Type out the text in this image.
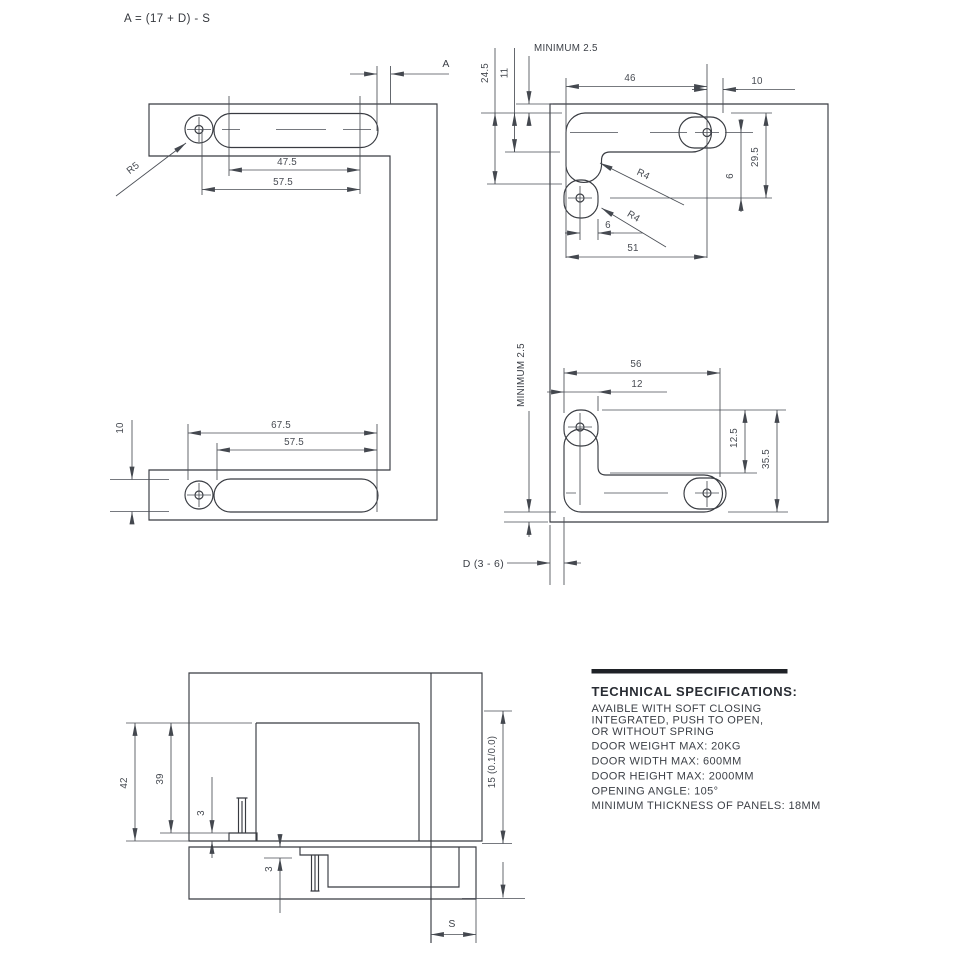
A = (17 + D) - S
47.5
57.5
A
R5
67.5
57.5
10
46	10
29.5
6
R4
R4
6
51
24.5 11
MINIMUM 2.5
56
12
12.5
35.5
MINIMUM 2.5
D (3 - 6)
42	39
3
3
15 (0.1/0.0)
S
TECHNICAL SPECIFICATIONS:
AVAIBLE WITH SOFT CLOSING
INTEGRATED, PUSH TO OPEN,
OR WITHOUT SPRING
DOOR WEIGHT MAX: 20KG
DOOR WIDTH MAX: 600MM
DOOR HEIGHT MAX: 2000MM
OPENING ANGLE: 105°
MINIMUM THICKNESS OF PANELS: 18MM
